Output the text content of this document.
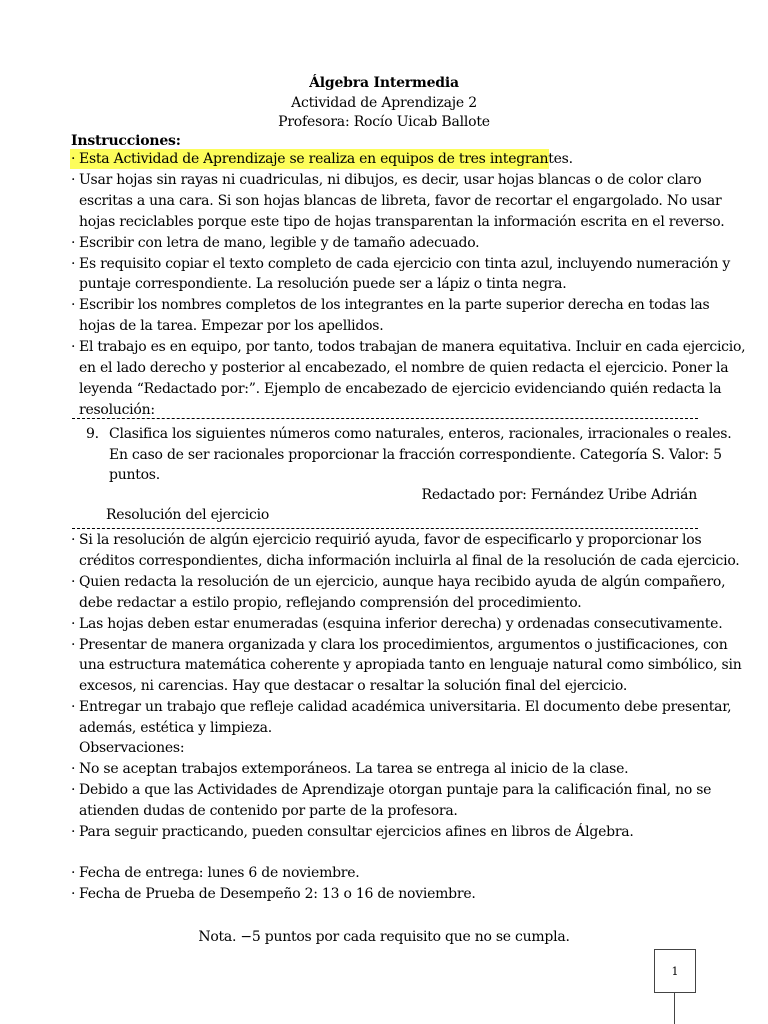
Álgebra Intermedia
Actividad de Aprendizaje 2
Profesora: Rocío Uicab Ballote
Instrucciones:
· Esta Actividad de Aprendizaje se realiza en equipos de tres integrantes.
· Usar hojas sin rayas ni cuadriculas, ni dibujos, es decir, usar hojas blancas o de color claro
escritas a una cara. Si son hojas blancas de libreta, favor de recortar el engargolado. No usar
hojas reciclables porque este tipo de hojas transparentan la información escrita en el reverso.
· Escribir con letra de mano, legible y de tamaño adecuado.
· Es requisito copiar el texto completo de cada ejercicio con tinta azul, incluyendo numeración y
puntaje correspondiente. La resolución puede ser a lápiz o tinta negra.
· Escribir los nombres completos de los integrantes en la parte superior derecha en todas las
hojas de la tarea. Empezar por los apellidos.
· El trabajo es en equipo, por tanto, todos trabajan de manera equitativa. Incluir en cada ejercicio,
en el lado derecho y posterior al encabezado, el nombre de quien redacta el ejercicio. Poner la
leyenda “Redactado por:”. Ejemplo de encabezado de ejercicio evidenciando quién redacta la
resolución:
9. Clasifica los siguientes números como naturales, enteros, racionales, irracionales o reales.
En caso de ser racionales proporcionar la fracción correspondiente. Categoría S. Valor: 5
puntos.
Redactado por: Fernández Uribe Adrián
Resolución del ejercicio
· Si la resolución de algún ejercicio requirió ayuda, favor de especificarlo y proporcionar los
créditos correspondientes, dicha información incluirla al final de la resolución de cada ejercicio.
· Quien redacta la resolución de un ejercicio, aunque haya recibido ayuda de algún compañero,
debe redactar a estilo propio, reflejando comprensión del procedimiento.
· Las hojas deben estar enumeradas (esquina inferior derecha) y ordenadas consecutivamente.
· Presentar de manera organizada y clara los procedimientos, argumentos o justificaciones, con
una estructura matemática coherente y apropiada tanto en lenguaje natural como simbólico, sin
excesos, ni carencias. Hay que destacar o resaltar la solución final del ejercicio.
· Entregar un trabajo que refleje calidad académica universitaria. El documento debe presentar,
además, estética y limpieza.
Observaciones:
· No se aceptan trabajos extemporáneos. La tarea se entrega al inicio de la clase.
· Debido a que las Actividades de Aprendizaje otorgan puntaje para la calificación final, no se
atienden dudas de contenido por parte de la profesora.
· Para seguir practicando, pueden consultar ejercicios afines en libros de Álgebra.
· Fecha de entrega: lunes 6 de noviembre.
· Fecha de Prueba de Desempeño 2: 13 o 16 de noviembre.
Nota. −5 puntos por cada requisito que no se cumpla.
1
